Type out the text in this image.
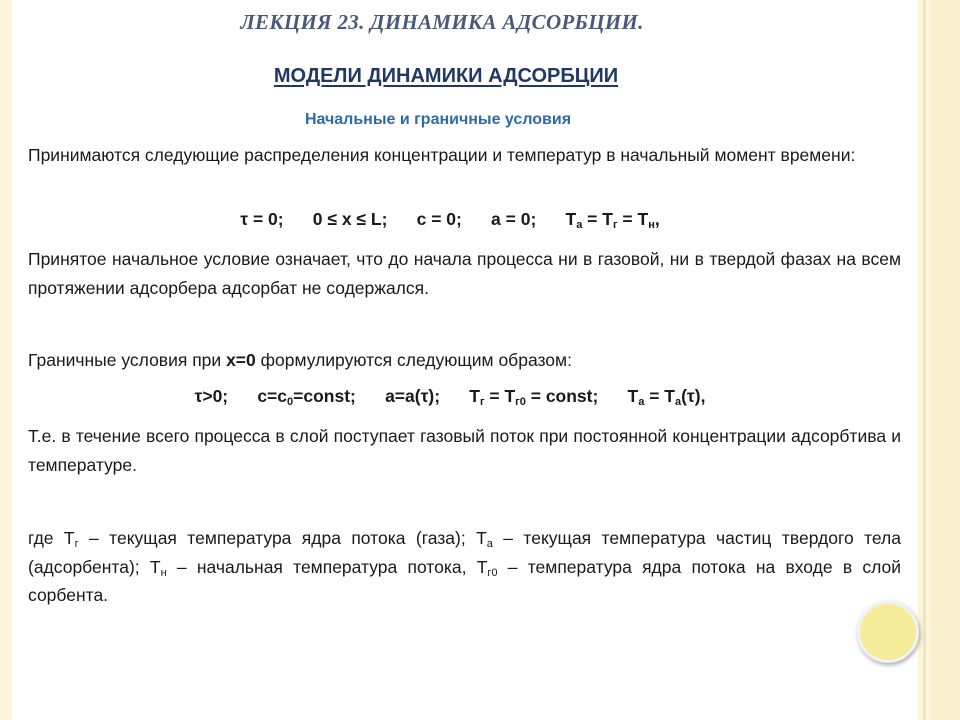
ЛЕКЦИЯ 23. ДИНАМИКА АДСОРБЦИИ.
МОДЕЛИ ДИНАМИКИ АДСОРБЦИИ
Начальные и граничные условия
Принимаются следующие распределения концентрации и температур в начальный момент времени:
τ = 0; 0 ≤ x ≤ L; c = 0; a = 0; $T_а = T_г = T_н$,
Принятое начальное условие означает, что до начала процесса ни в газовой, ни в твердой фазах на всем протяжении адсорбера адсорбат не содержался.
Граничные условия при x=0 формулируются следующим образом:
τ>0; $c=c_0=const$; a=a(τ); $T_г = T_{г0}$ = const; $T_а = T_а(\tau)$,
Т.е. в течение всего процесса в слой поступает газовый поток при постоянной концентрации адсорбтива и температуре.
где $T_г$ – текущая температура ядра потока (газа); $T_а$ – текущая температура частиц твердого тела (адсорбента); $T_н$ – начальная температура потока, $T_{г0}$ – температура ядра потока на входе в слой сорбента.
